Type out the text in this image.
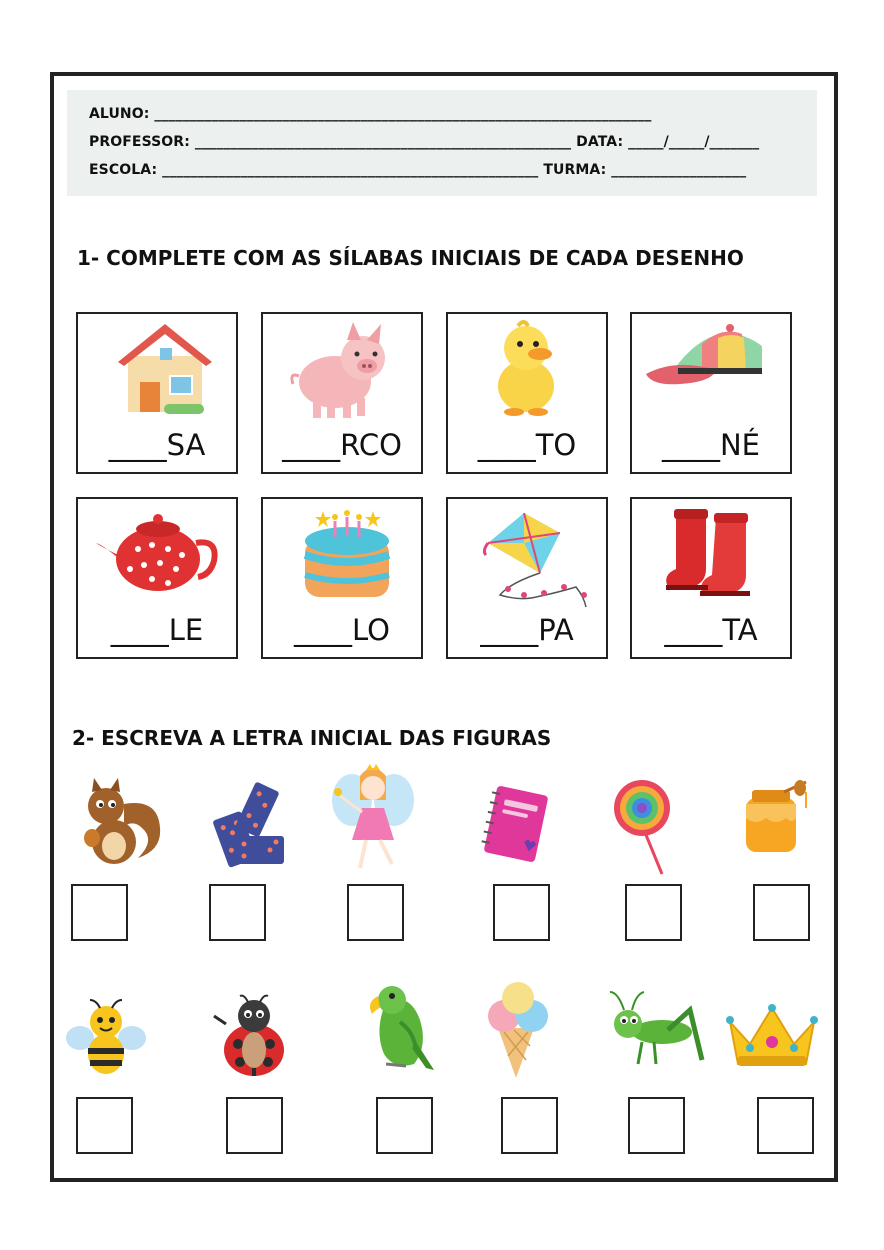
ALUNO: ______________________________________________________________________
PROFESSOR: _____________________________________________________ DATA: _____/_____/_______
ESCOLA: _____________________________________________________ TURMA: ___________________
1- COMPLETE COM AS SÍLABAS INICIAIS DE CADA DESENHO
____SA	____RCO	____TO	____NÉ
____LE	____LO	____PA	____TA
2- ESCREVA A LETRA INICIAL DAS FIGURAS
